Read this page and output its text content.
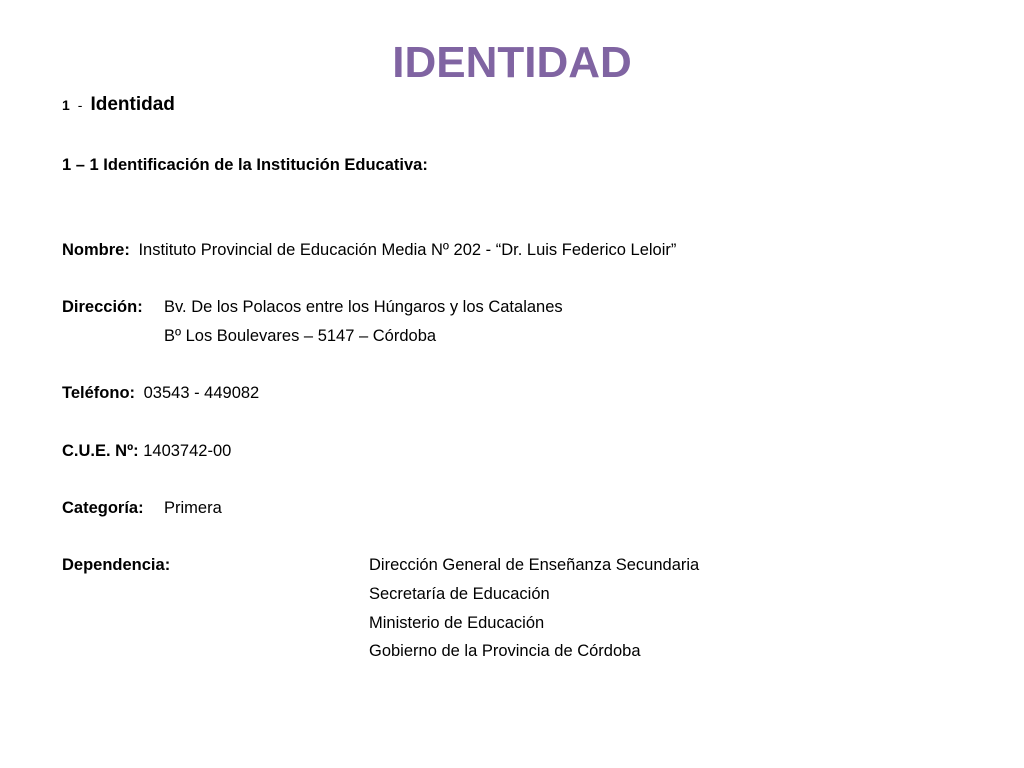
IDENTIDAD
1 - Identidad
1 – 1 Identificación de la Institución Educativa:
Nombre: Instituto Provincial de Educación Media Nº 202 - “Dr. Luis Federico Leloir”
Dirección: Bv. De los Polacos entre los Húngaros y los Catalanes
Bº Los Boulevares – 5147 – Córdoba
Teléfono: 03543 - 449082
C.U.E. Nº: 1403742-00
Categoría: Primera
Dependencia:	Dirección General de Enseñanza Secundaria
Secretaría de Educación
Ministerio de Educación
Gobierno de la Provincia de Córdoba
